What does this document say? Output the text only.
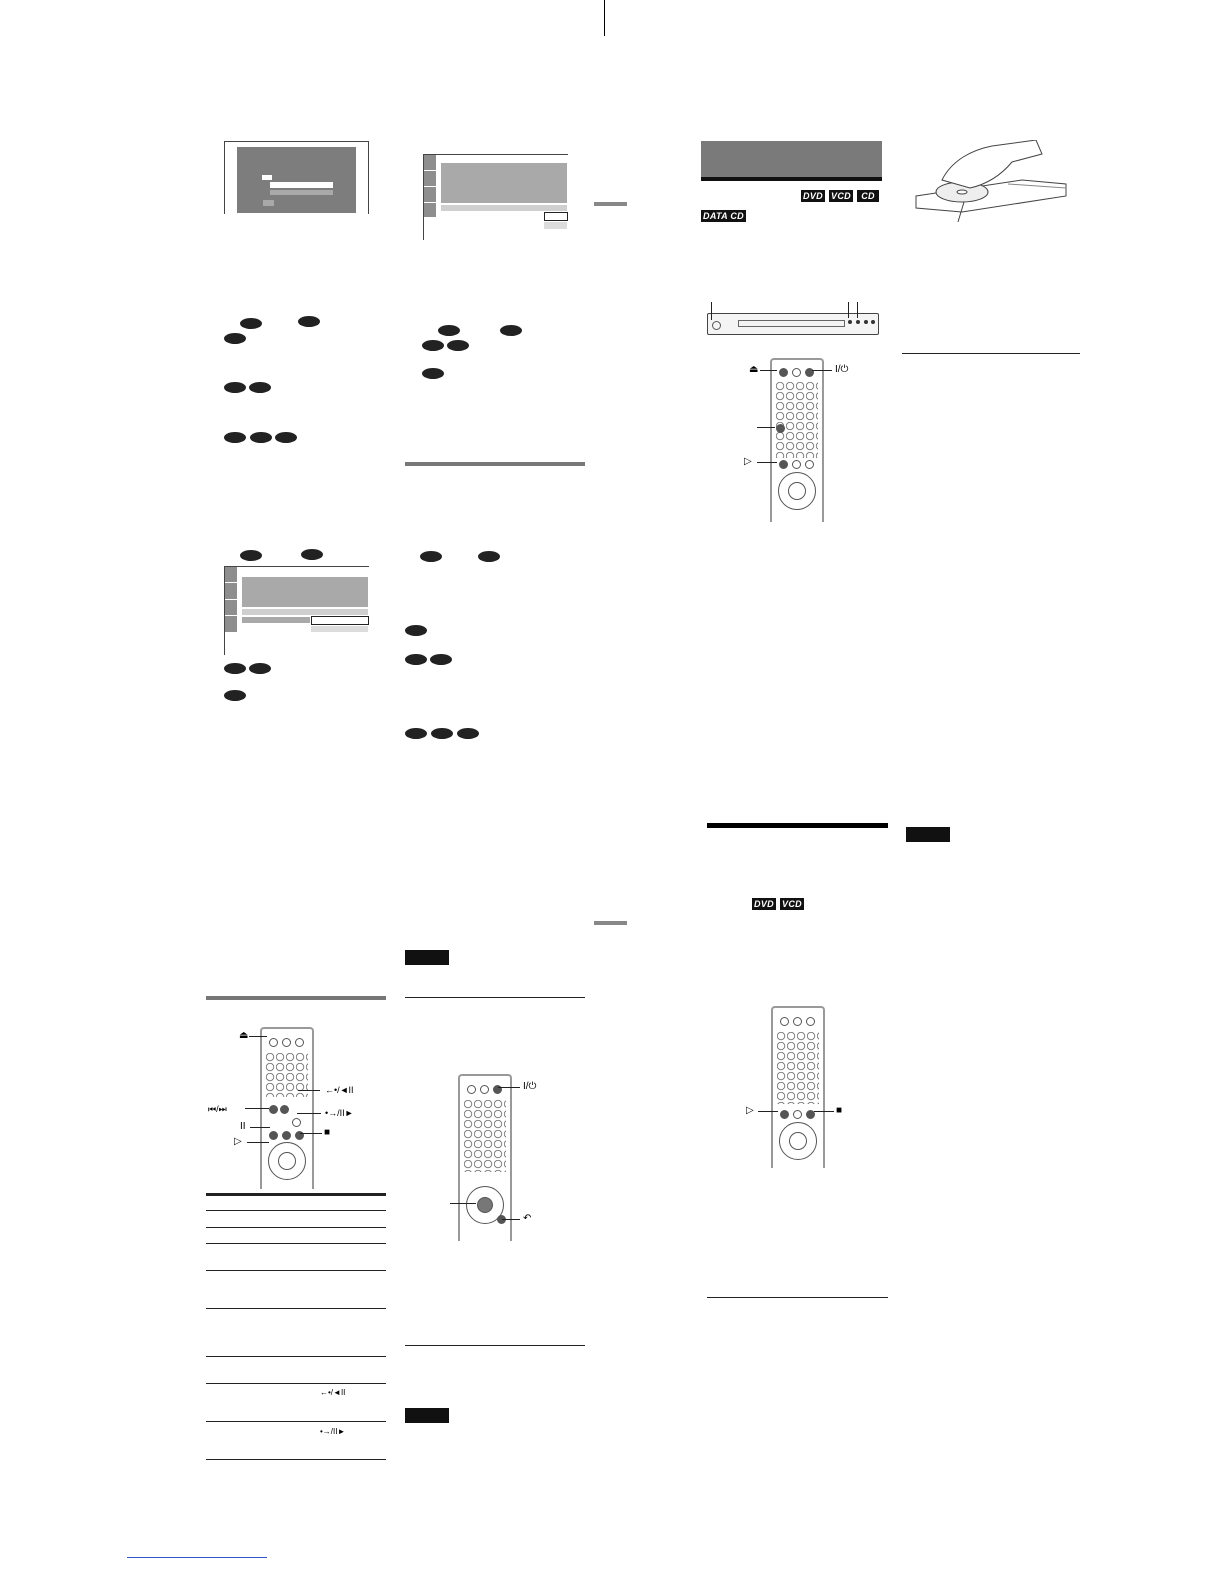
⏏
←•/◄II
⏮/⏭	•→/II►
II
■
▷
←•/◄II
•→/II►
I/⏻
↶
DVD VCD	CD
DATA CD
⏏	I/⏻
▷
DVD VCD
▷	■
